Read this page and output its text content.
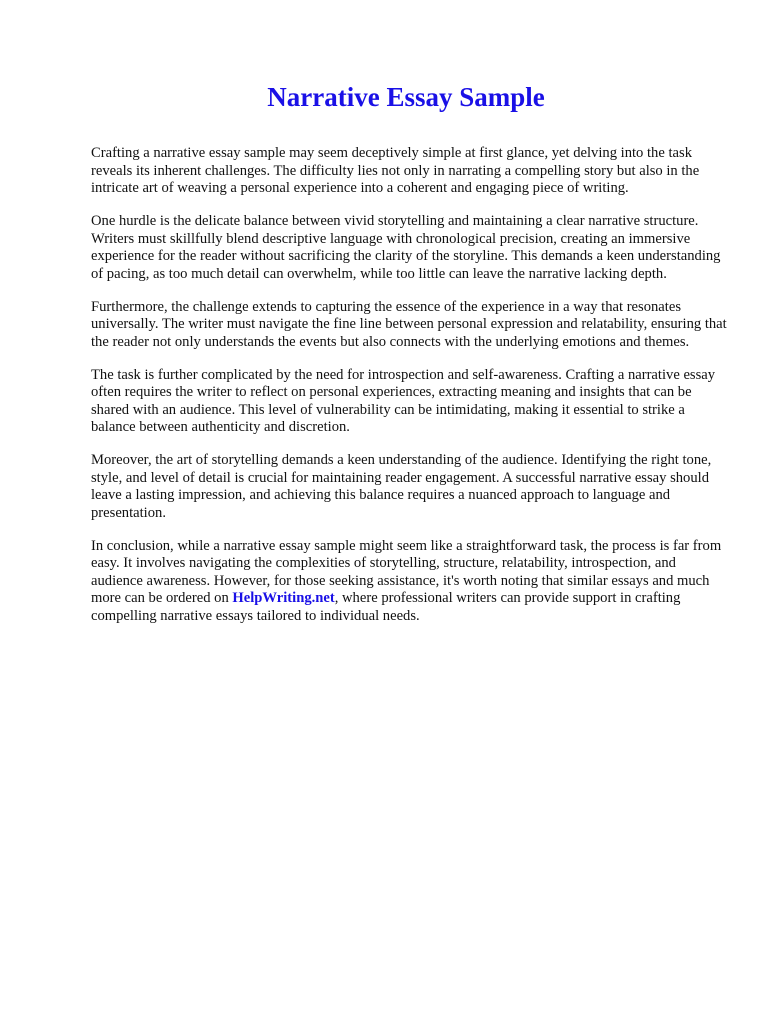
Narrative Essay Sample

Crafting a narrative essay sample may seem deceptively simple at first glance, yet delving into the task reveals its inherent challenges. The difficulty lies not only in narrating a compelling story but also in the intricate art of weaving a personal experience into a coherent and engaging piece of writing.

One hurdle is the delicate balance between vivid storytelling and maintaining a clear narrative structure. Writers must skillfully blend descriptive language with chronological precision, creating an immersive experience for the reader without sacrificing the clarity of the storyline. This demands a keen understanding of pacing, as too much detail can overwhelm, while too little can leave the narrative lacking depth.

Furthermore, the challenge extends to capturing the essence of the experience in a way that resonates universally. The writer must navigate the fine line between personal expression and relatability, ensuring that the reader not only understands the events but also connects with the underlying emotions and themes.

The task is further complicated by the need for introspection and self-awareness. Crafting a narrative essay often requires the writer to reflect on personal experiences, extracting meaning and insights that can be shared with an audience. This level of vulnerability can be intimidating, making it essential to strike a balance between authenticity and discretion.

Moreover, the art of storytelling demands a keen understanding of the audience. Identifying the right tone, style, and level of detail is crucial for maintaining reader engagement. A successful narrative essay should leave a lasting impression, and achieving this balance requires a nuanced approach to language and presentation.

In conclusion, while a narrative essay sample might seem like a straightforward task, the process is far from easy. It involves navigating the complexities of storytelling, structure, relatability, introspection, and audience awareness. However, for those seeking assistance, it's worth noting that similar essays and much more can be ordered on HelpWriting.net, where professional writers can provide support in crafting compelling narrative essays tailored to individual needs.
